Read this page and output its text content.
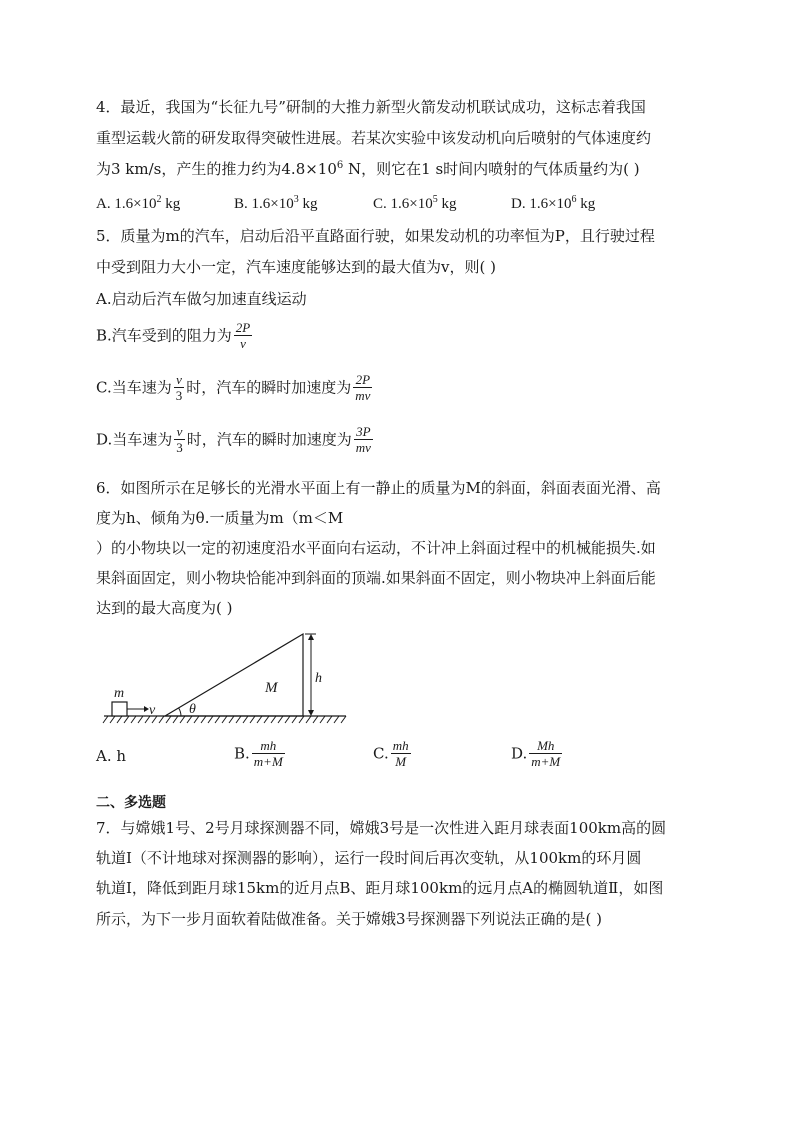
4．最近，我国为“长征九号”研制的大推力新型火箭发动机联试成功，这标志着我国
重型运载火箭的研发取得突破性进展。若某次实验中该发动机向后喷射的气体速度约
为3 km/s，产生的推力约为$4.8\times 10^6$ N，则它在1 s时间内喷射的气体质量约为( )
A. $1.6\times 10^2$ kg	B. $1.6\times 10^3$ kg	C. $1.6\times 10^5$ kg	D. $1.6\times 10^6$ kg
5．质量为m的汽车，启动后沿平直路面行驶，如果发动机的功率恒为P，且行驶过程
中受到阻力大小一定，汽车速度能够达到的最大值为v，则( )
A.启动后汽车做匀加速直线运动
B.汽车受到的阻力为 $\frac{2P}{v}$
C.当车速为 $\frac{v}{3}$ 时，汽车的瞬时加速度为 $\frac{2P}{mv}$
D.当车速为 $\frac{v}{3}$ 时，汽车的瞬时加速度为 $\frac{3P}{mv}$
6．如图所示在足够长的光滑水平面上有一静止的质量为M的斜面，斜面表面光滑、高
度为h、倾角为θ.一质量为m（m＜M
）的小物块以一定的初速度沿水平面向右运动，不计冲上斜面过程中的机械能损失.如
果斜面固定，则小物块恰能冲到斜面的顶端.如果斜面不固定，则小物块冲上斜面后能
达到的最大高度为( )
m
v θ
M
h
A. h	B. $\frac{mh}{m+M}$	C. $\frac{mh}{M}$	D. $\frac{Mh}{m+M}$
二、多选题
7．与嫦娥1号、2号月球探测器不同，嫦娥3号是一次性进入距月球表面100km高的圆
轨道Ⅰ（不计地球对探测器的影响），运行一段时间后再次变轨，从100km的环月圆
轨道Ⅰ，降低到距月球15km的近月点B、距月球100km的远月点A的椭圆轨道Ⅱ，如图
所示，为下一步月面软着陆做准备。关于嫦娥3号探测器下列说法正确的是( )
